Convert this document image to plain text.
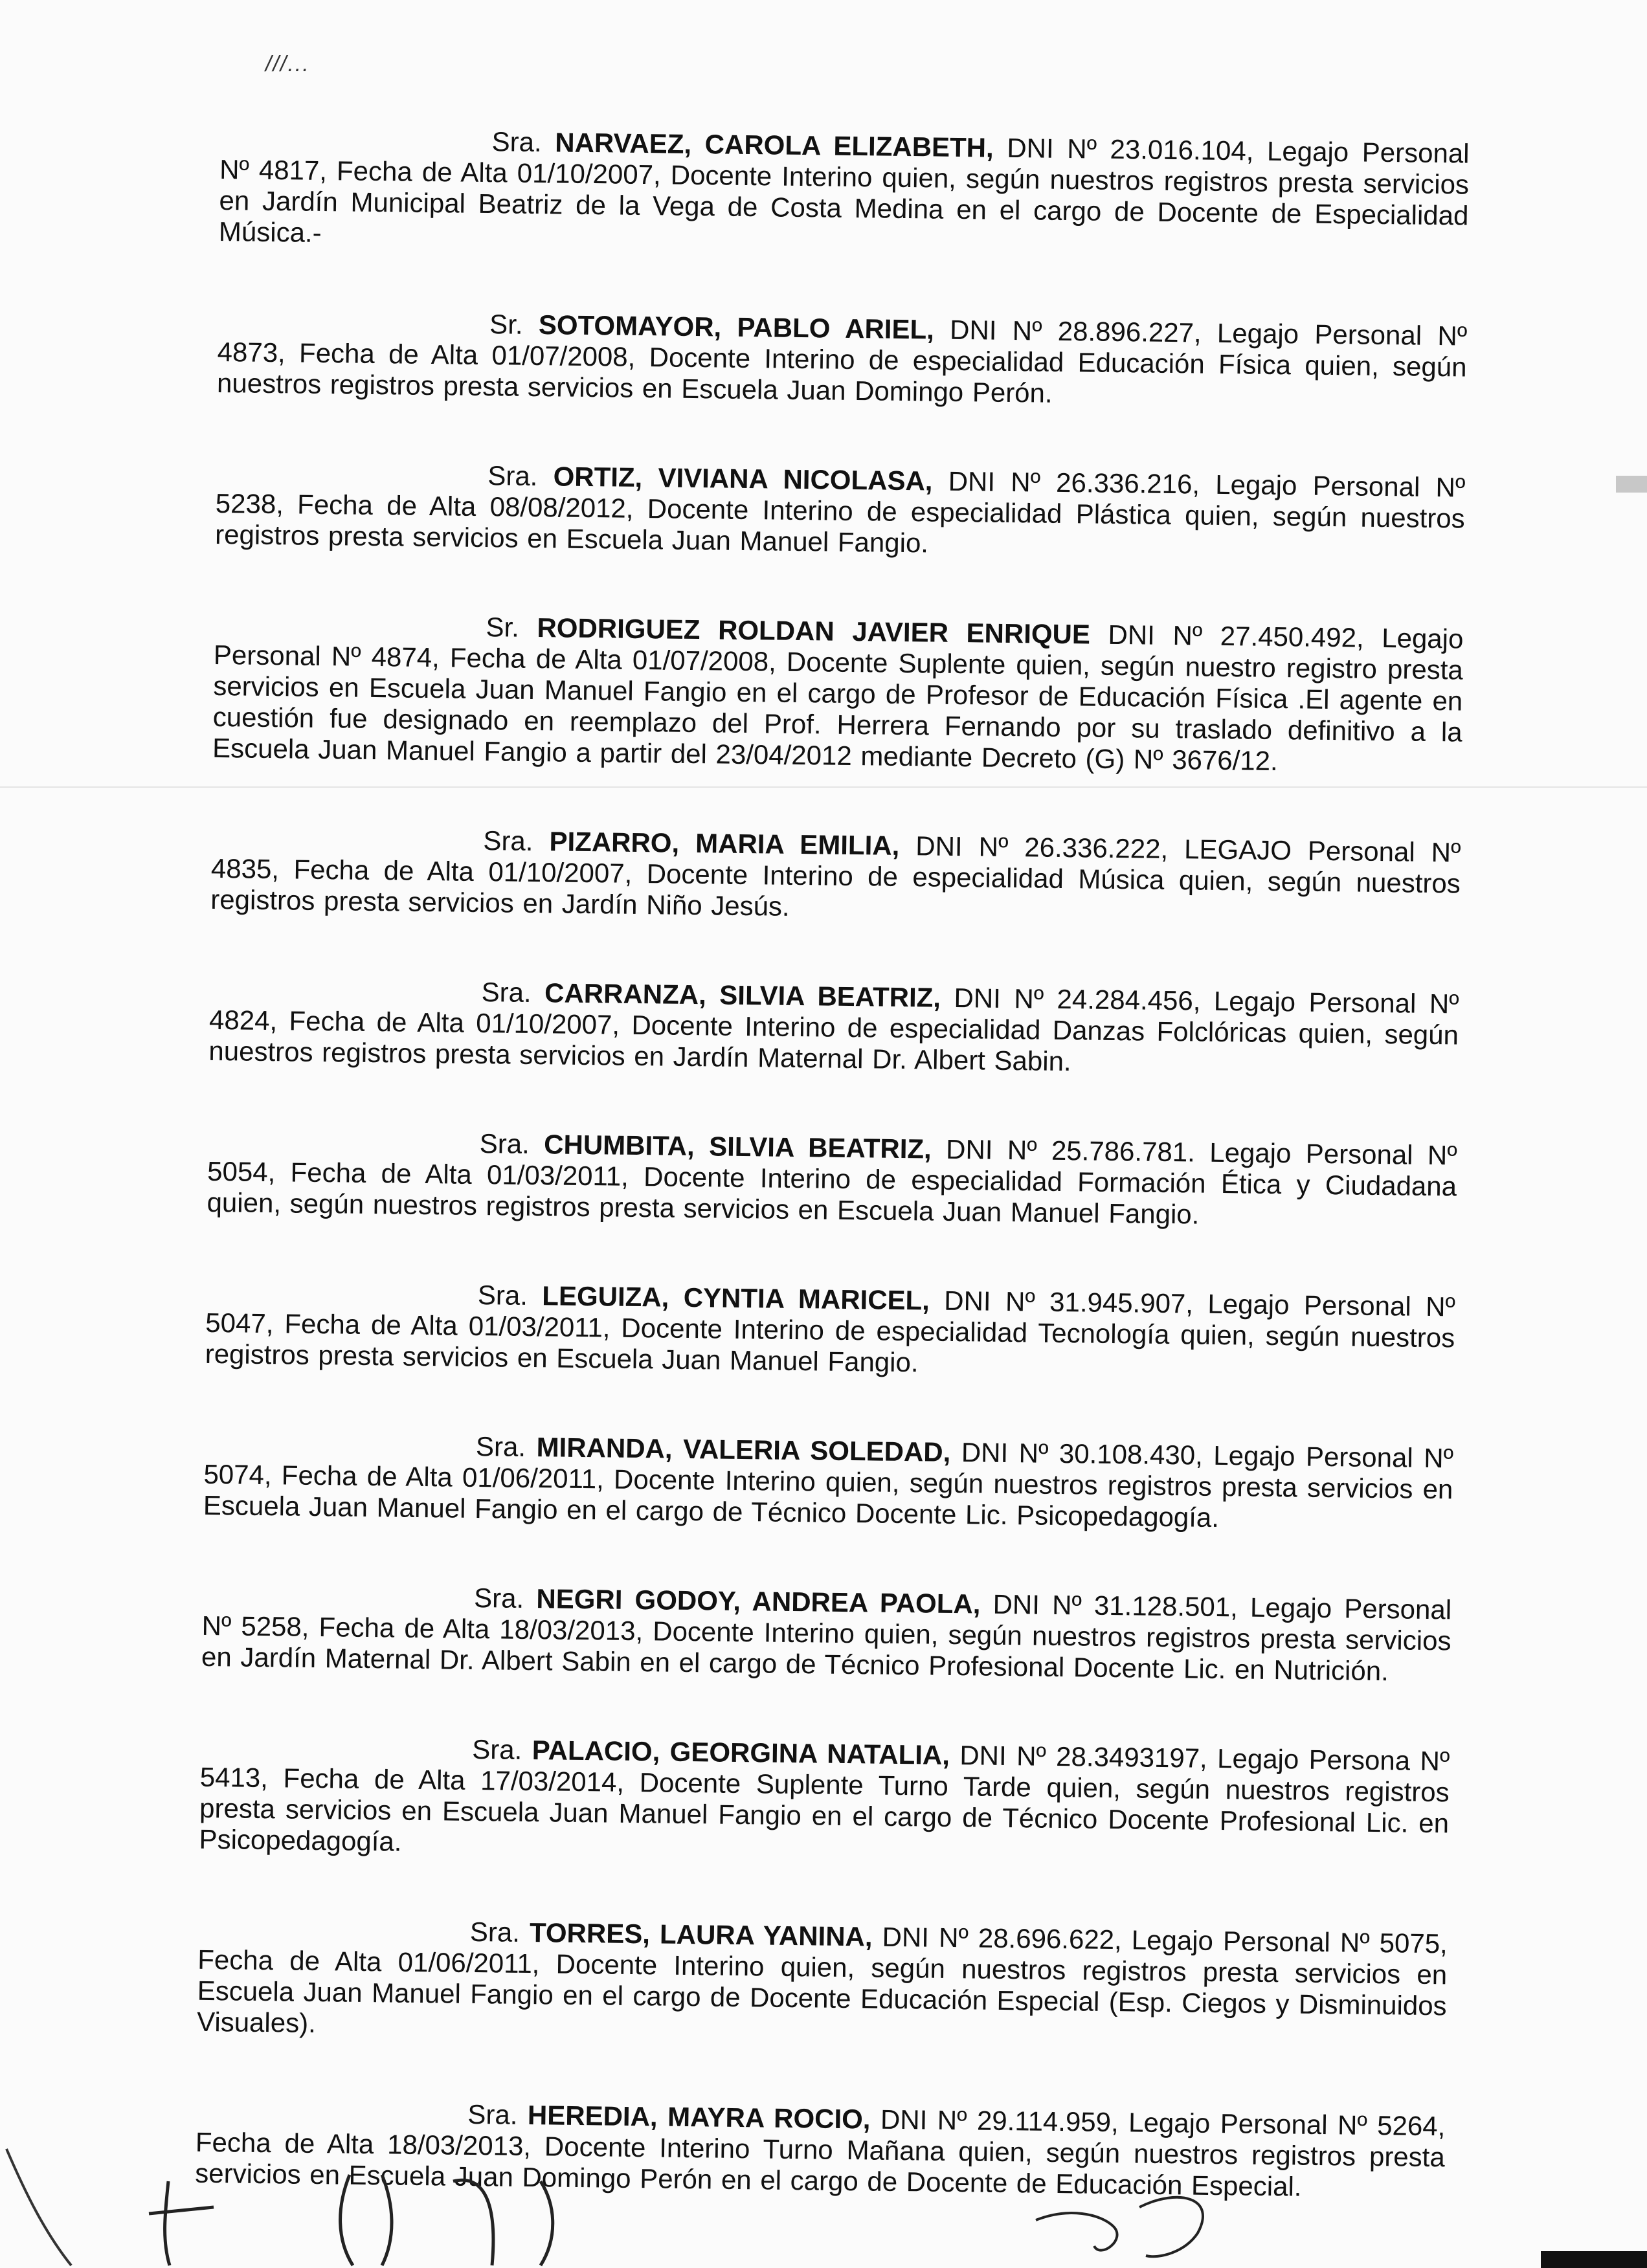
///...

Sra. NARVAEZ, CAROLA ELIZABETH, DNI Nº 23.016.104, Legajo Personal Nº 4817, Fecha de Alta 01/10/2007, Docente Interino quien, según nuestros registros presta servicios en Jardín Municipal Beatriz de la Vega de Costa Medina en el cargo de Docente de Especialidad Música.-

Sr. SOTOMAYOR, PABLO ARIEL, DNI Nº 28.896.227, Legajo Personal Nº 4873, Fecha de Alta 01/07/2008, Docente Interino de especialidad Educación Física quien, según nuestros registros presta servicios en Escuela Juan Domingo Perón.

Sra. ORTIZ, VIVIANA NICOLASA, DNI Nº 26.336.216, Legajo Personal Nº 5238, Fecha de Alta 08/08/2012, Docente Interino de especialidad Plástica quien, según nuestros registros presta servicios en Escuela Juan Manuel Fangio.

Sr. RODRIGUEZ ROLDAN JAVIER ENRIQUE DNI Nº 27.450.492, Legajo Personal Nº 4874, Fecha de Alta 01/07/2008, Docente Suplente quien, según nuestro registro presta servicios en Escuela Juan Manuel Fangio en el cargo de Profesor de Educación Física .El agente en cuestión fue designado en reemplazo del Prof. Herrera Fernando por su traslado definitivo a la Escuela Juan Manuel Fangio a partir del 23/04/2012 mediante Decreto (G) Nº 3676/12.

Sra. PIZARRO, MARIA EMILIA, DNI Nº 26.336.222, LEGAJO Personal Nº 4835, Fecha de Alta 01/10/2007, Docente Interino de especialidad Música quien, según nuestros registros presta servicios en Jardín Niño Jesús.

Sra. CARRANZA, SILVIA BEATRIZ, DNI Nº 24.284.456, Legajo Personal Nº 4824, Fecha de Alta 01/10/2007, Docente Interino de especialidad Danzas Folclóricas quien, según nuestros registros presta servicios en Jardín Maternal Dr. Albert Sabin.

Sra. CHUMBITA, SILVIA BEATRIZ, DNI Nº 25.786.781. Legajo Personal Nº 5054, Fecha de Alta 01/03/2011, Docente Interino de especialidad Formación Ética y Ciudadana quien, según nuestros registros presta servicios en Escuela Juan Manuel Fangio.

Sra. LEGUIZA, CYNTIA MARICEL, DNI Nº 31.945.907, Legajo Personal Nº 5047, Fecha de Alta 01/03/2011, Docente Interino de especialidad Tecnología quien, según nuestros registros presta servicios en Escuela Juan Manuel Fangio.

Sra. MIRANDA, VALERIA SOLEDAD, DNI Nº 30.108.430, Legajo Personal Nº 5074, Fecha de Alta 01/06/2011, Docente Interino quien, según nuestros registros presta servicios en Escuela Juan Manuel Fangio en el cargo de Técnico Docente Lic. Psicopedagogía.

Sra. NEGRI GODOY, ANDREA PAOLA, DNI Nº 31.128.501, Legajo Personal Nº 5258, Fecha de Alta 18/03/2013, Docente Interino quien, según nuestros registros presta servicios en Jardín Maternal Dr. Albert Sabin en el cargo de Técnico Profesional Docente Lic. en Nutrición.

Sra. PALACIO, GEORGINA NATALIA, DNI Nº 28.3493197, Legajo Persona Nº 5413, Fecha de Alta 17/03/2014, Docente Suplente Turno Tarde quien, según nuestros registros presta servicios en Escuela Juan Manuel Fangio en el cargo de Técnico Docente Profesional Lic. en Psicopedagogía.

Sra. TORRES, LAURA YANINA, DNI Nº 28.696.622, Legajo Personal Nº 5075, Fecha de Alta 01/06/2011, Docente Interino quien, según nuestros registros presta servicios en Escuela Juan Manuel Fangio en el cargo de Docente Educación Especial (Esp. Ciegos y Disminuidos Visuales).

Sra. HEREDIA, MAYRA ROCIO, DNI Nº 29.114.959, Legajo Personal Nº 5264, Fecha de Alta 18/03/2013, Docente Interino Turno Mañana quien, según nuestros registros presta servicios en Escuela Juan Domingo Perón en el cargo de Docente de Educación Especial.
